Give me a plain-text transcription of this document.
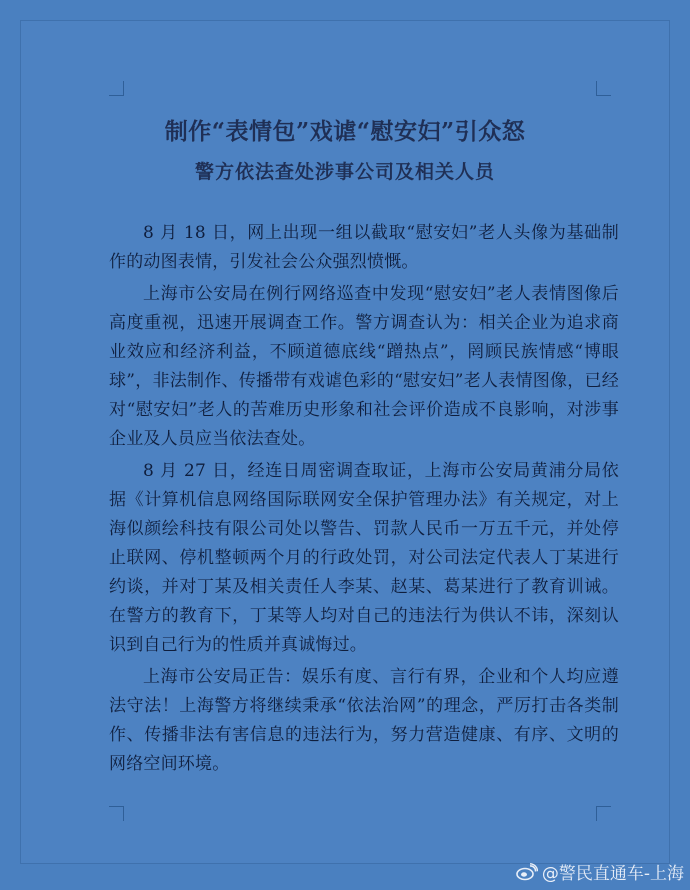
制作“表情包”戏谑“慰安妇”引众怒
警方依法查处涉事公司及相关人员

8 月 18 日，网上出现一组以截取“慰安妇”老人头像为基础制作的动图表情，引发社会公众强烈愤慨。

上海市公安局在例行网络巡查中发现“慰安妇”老人表情图像后高度重视，迅速开展调查工作。警方调查认为：相关企业为追求商业效应和经济利益，不顾道德底线“蹭热点”，罔顾民族情感“博眼球”，非法制作、传播带有戏谑色彩的“慰安妇”老人表情图像，已经对“慰安妇”老人的苦难历史形象和社会评价造成不良影响，对涉事企业及人员应当依法查处。

8 月 27 日，经连日周密调查取证，上海市公安局黄浦分局依据《计算机信息网络国际联网安全保护管理办法》有关规定，对上海似颜绘科技有限公司处以警告、罚款人民币一万五千元，并处停止联网、停机整顿两个月的行政处罚，对公司法定代表人丁某进行约谈，并对丁某及相关责任人李某、赵某、葛某进行了教育训诫。在警方的教育下，丁某等人均对自己的违法行为供认不讳，深刻认识到自己行为的性质并真诚悔过。

上海市公安局正告：娱乐有度、言行有界，企业和个人均应遵法守法！上海警方将继续秉承“依法治网”的理念，严厉打击各类制作、传播非法有害信息的违法行为，努力营造健康、有序、文明的网络空间环境。

@警民直通车-上海
